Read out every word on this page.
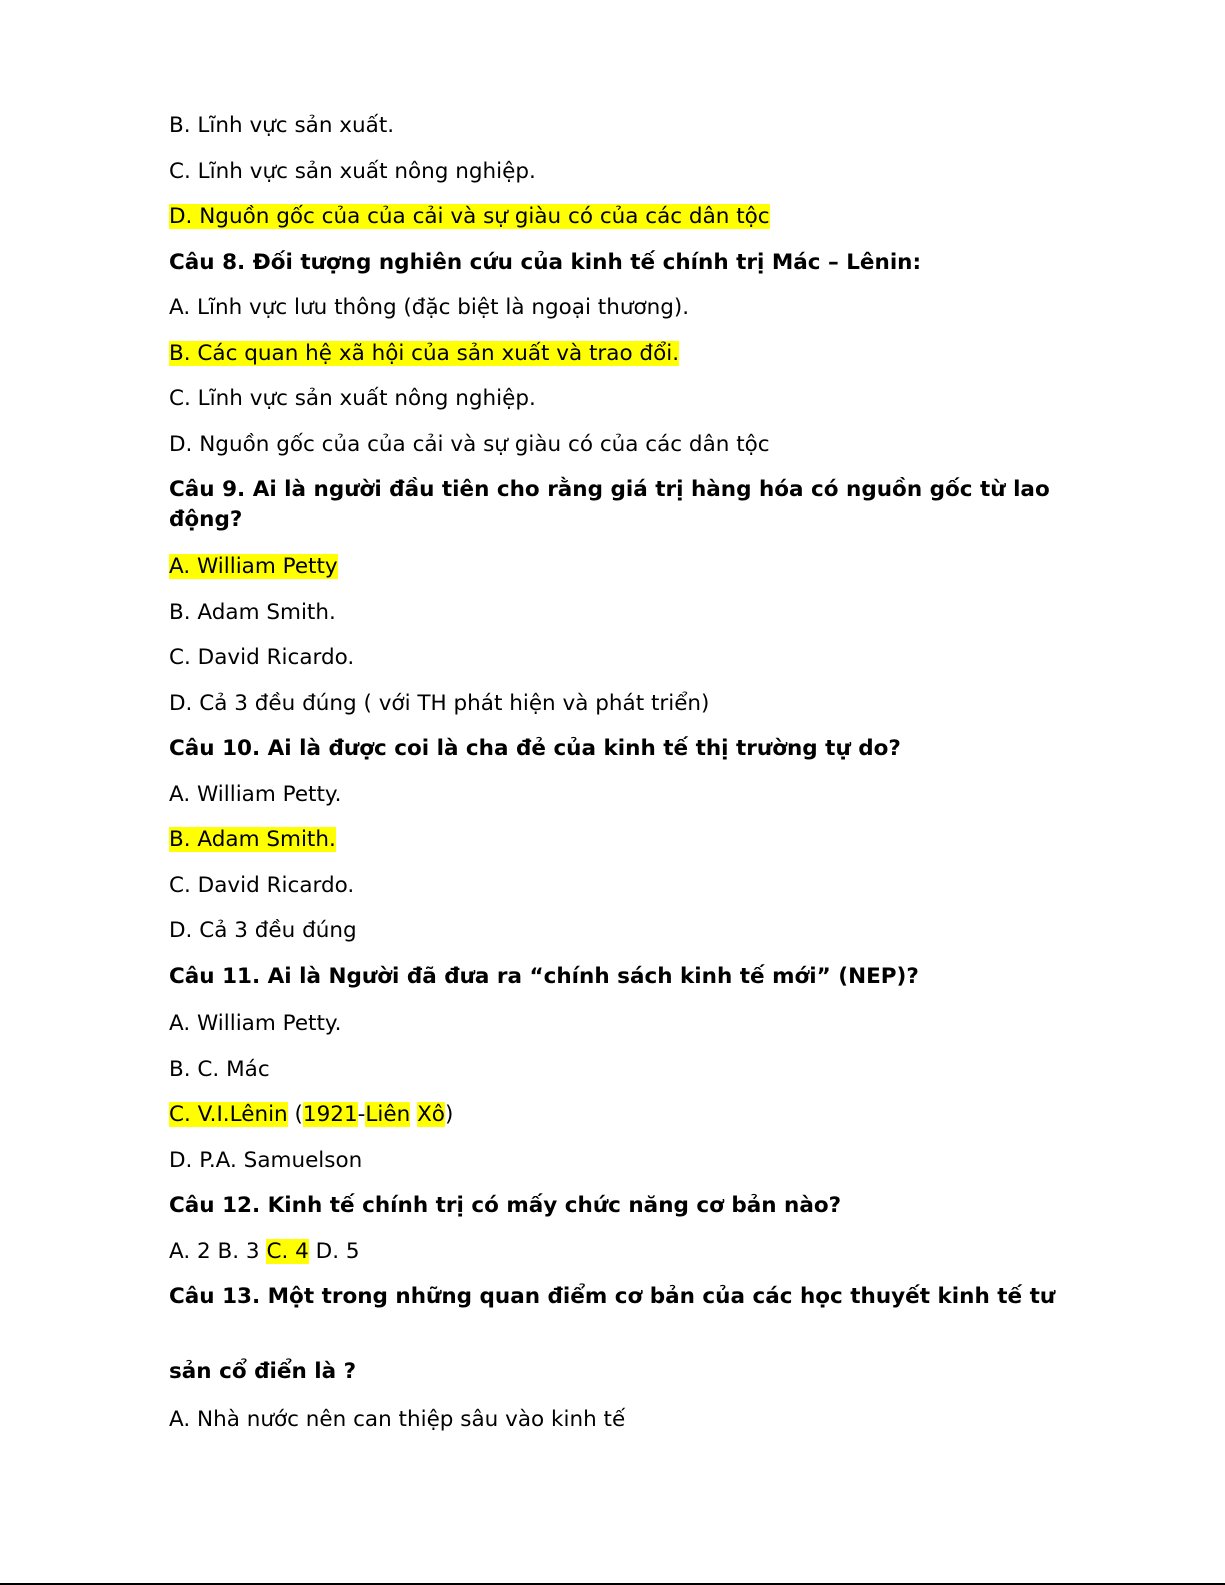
B. Lĩnh vực sản xuất.
C. Lĩnh vực sản xuất nông nghiệp.
D. Nguồn gốc của của cải và sự giàu có của các dân tộc
Câu 8. Đối tượng nghiên cứu của kinh tế chính trị Mác – Lênin:
A. Lĩnh vực lưu thông (đặc biệt là ngoại thương).
B. Các quan hệ xã hội của sản xuất và trao đổi.
C. Lĩnh vực sản xuất nông nghiệp.
D. Nguồn gốc của của cải và sự giàu có của các dân tộc
Câu 9. Ai là người đầu tiên cho rằng giá trị hàng hóa có nguồn gốc từ lao động?
A. William Petty
B. Adam Smith.
C. David Ricardo.
D. Cả 3 đều đúng ( với TH phát hiện và phát triển)
Câu 10. Ai là được coi là cha đẻ của kinh tế thị trường tự do?
A. William Petty.
B. Adam Smith.
C. David Ricardo.
D. Cả 3 đều đúng
Câu 11. Ai là Người đã đưa ra “chính sách kinh tế mới” (NEP)?
A. William Petty.
B. C. Mác
C. V.I.Lênin (1921-Liên Xô)
D. P.A. Samuelson
Câu 12. Kinh tế chính trị có mấy chức năng cơ bản nào?
A. 2 B. 3 C. 4 D. 5
Câu 13. Một trong những quan điểm cơ bản của các học thuyết kinh tế tư
sản cổ điển là ?
A. Nhà nước nên can thiệp sâu vào kinh tế
